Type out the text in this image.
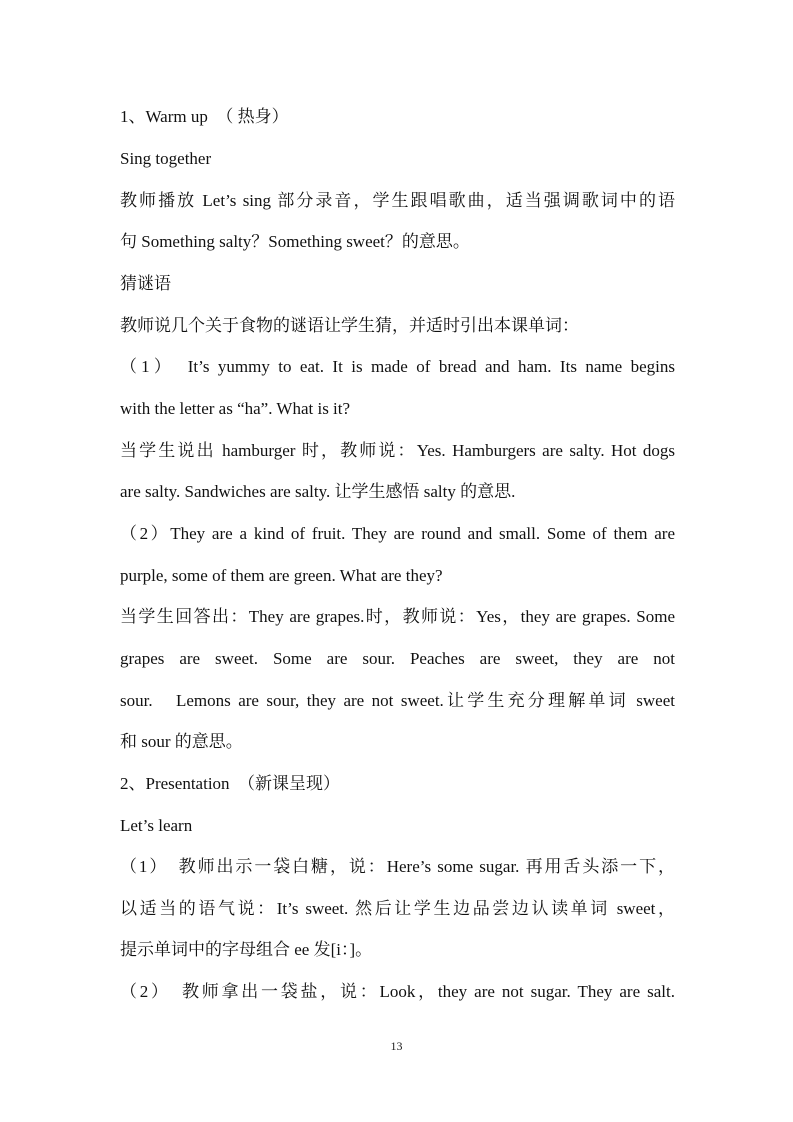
1、Warm up　（ 热身）
Sing together
教师播放 Let’s sing 部分录音，学生跟唱歌曲，适当强调歌词中的语
句 Something salty？Something sweet？的意思。
猜谜语
教师说几个关于食物的谜语让学生猜，并适时引出本课单词：
（1）　It’s yummy to eat. It is made of bread and ham. Its name begins
with the letter as “ha”. What is it?
当学生说出 hamburger 时，教师说：Yes. Hamburgers are salty. Hot dogs
are salty. Sandwiches are salty. 让学生感悟 salty 的意思.
（2）They are a kind of fruit. They are round and small. Some of them are
purple, some of them are green. What are they?
当学生回答出：They are grapes.时，教师说：Yes，they are grapes. Some
grapes are sweet. Some are sour. Peaches are sweet, they are not
sour.　Lemons are sour, they are not sweet.让学生充分理解单词 sweet
和 sour 的意思。
2、Presentation　（新课呈现）
Let’s learn
（1）　教师出示一袋白糖，说：Here’s some sugar. 再用舌头添一下，
以适当的语气说：It’s sweet. 然后让学生边品尝边认读单词 sweet，
提示单词中的字母组合 ee 发[i：]。
（2）　教师拿出一袋盐，说：Look，they are not sugar. They are salt.
13
